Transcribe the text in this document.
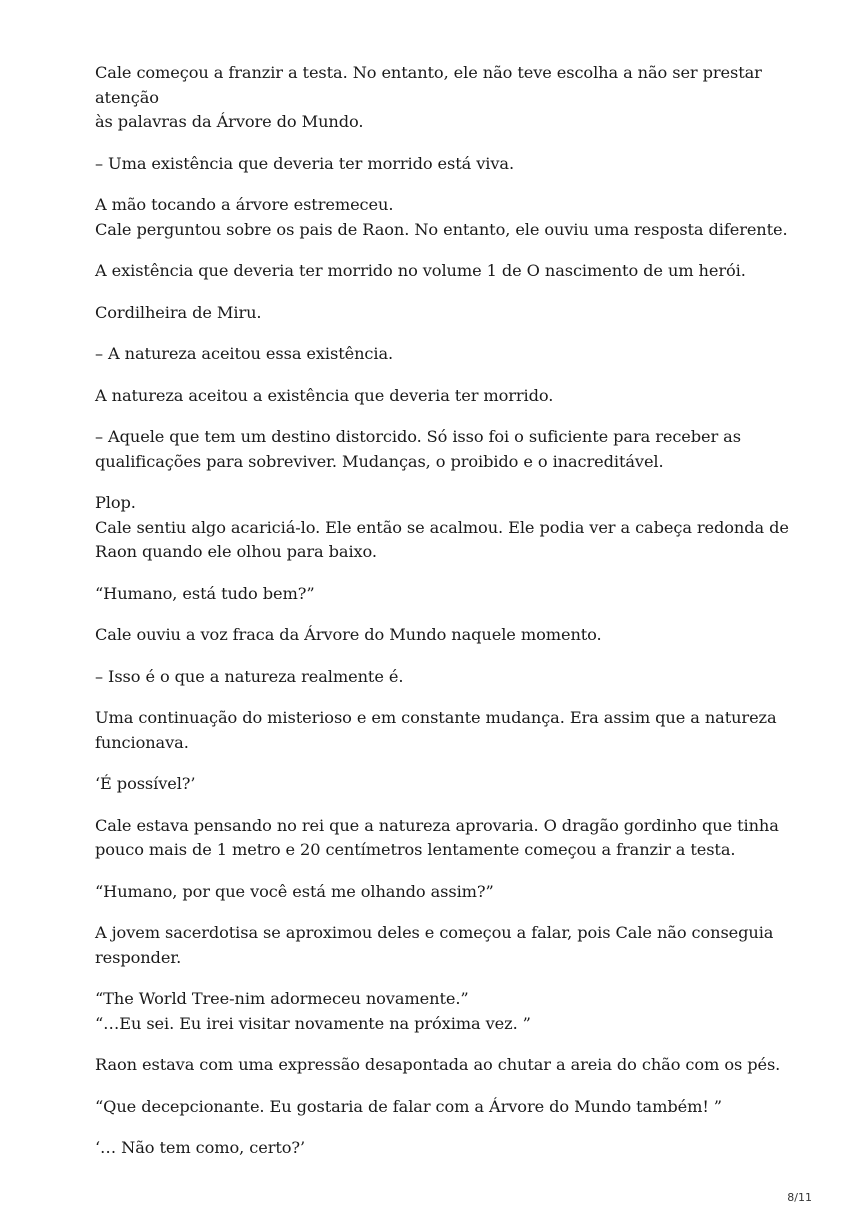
Cale começou a franzir a testa. No entanto, ele não teve escolha a não ser prestar atenção
às palavras da Árvore do Mundo.

– Uma existência que deveria ter morrido está viva.

A mão tocando a árvore estremeceu.
Cale perguntou sobre os pais de Raon. No entanto, ele ouviu uma resposta diferente.

A existência que deveria ter morrido no volume 1 de O nascimento de um herói.

Cordilheira de Miru.

– A natureza aceitou essa existência.

A natureza aceitou a existência que deveria ter morrido.

– Aquele que tem um destino distorcido. Só isso foi o suficiente para receber as
qualificações para sobreviver. Mudanças, o proibido e o inacreditável.

Plop.
Cale sentiu algo acariciá-lo. Ele então se acalmou. Ele podia ver a cabeça redonda de
Raon quando ele olhou para baixo.

“Humano, está tudo bem?”

Cale ouviu a voz fraca da Árvore do Mundo naquele momento.

– Isso é o que a natureza realmente é.

Uma continuação do misterioso e em constante mudança. Era assim que a natureza
funcionava.

‘É possível?’

Cale estava pensando no rei que a natureza aprovaria. O dragão gordinho que tinha
pouco mais de 1 metro e 20 centímetros lentamente começou a franzir a testa.

“Humano, por que você está me olhando assim?”

A jovem sacerdotisa se aproximou deles e começou a falar, pois Cale não conseguia
responder.

“The World Tree-nim adormeceu novamente.”
“…Eu sei. Eu irei visitar novamente na próxima vez. ”

Raon estava com uma expressão desapontada ao chutar a areia do chão com os pés.

“Que decepcionante. Eu gostaria de falar com a Árvore do Mundo também! ”

‘… Não tem como, certo?’

8/11
